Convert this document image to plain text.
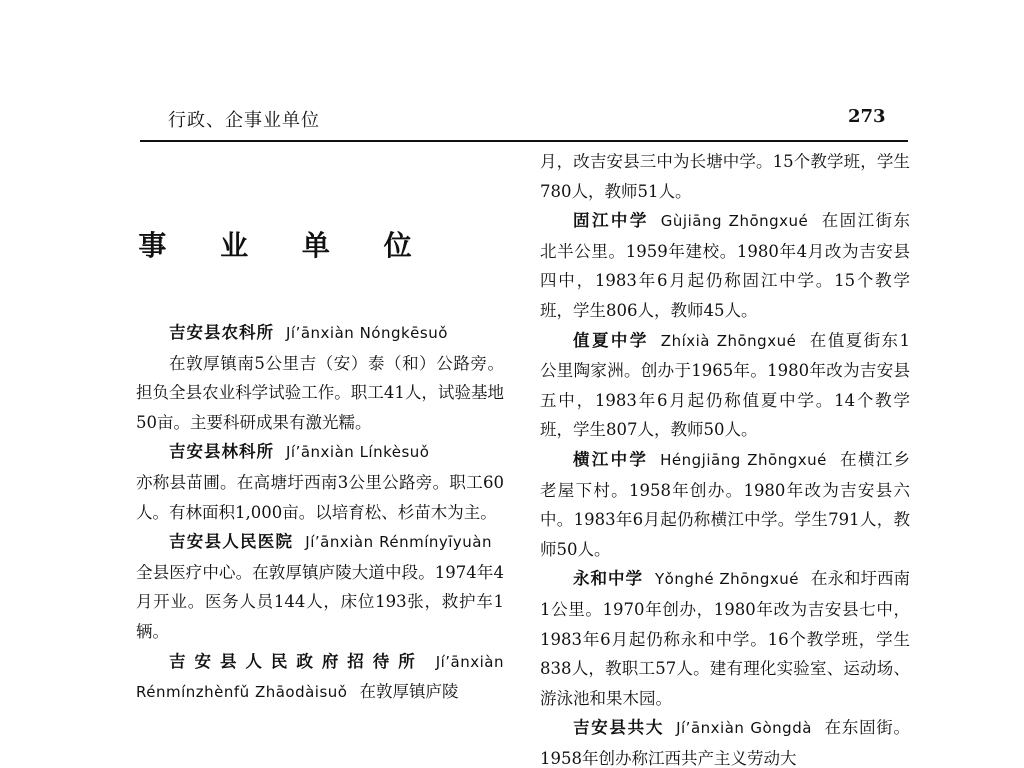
行政、企事业单位	273
事 业 单 位

吉安县农科所 Jí’ānxiàn Nóngkēsuǒ

在敦厚镇南5公里吉（安）泰（和）公路旁。担负全县农业科学试验工作。职工41人，试验基地50亩。主要科研成果有激光糯。

吉安县林科所 Jí’ānxiàn Línkèsuǒ

亦称县苗圃。在高塘圩西南3公里公路旁。职工60人。有林面积1,000亩。以培育松、杉苗木为主。

吉安县人民医院 Jí’ānxiàn Rénmínyīyuàn全县医疗中心。在敦厚镇庐陵大道中段。1974年4月开业。医务人员144人，床位193张，救护车1辆。

吉安县人民政府招待所 Jí’ānxiàn Rénmínzhènfǔ Zhāodàisuǒ 在敦厚镇庐陵

月，改吉安县三中为长塘中学。15个教学班，学生780人，教师51人。

固江中学 Gùjiāng Zhōngxué 在固江街东北半公里。1959年建校。1980年4月改为吉安县四中，1983年6月起仍称固江中学。15个教学班，学生806人，教师45人。

值夏中学 Zhíxià Zhōngxué 在值夏街东1公里陶家洲。创办于1965年。1980年改为吉安县五中，1983年6月起仍称值夏中学。14个教学班，学生807人，教师50人。

横江中学 Héngjiāng Zhōngxué 在横江乡老屋下村。1958年创办。1980年改为吉安县六中。1983年6月起仍称横江中学。学生791人，教师50人。

永和中学 Yǒnghé Zhōngxué 在永和圩西南1公里。1970年创办，1980年改为吉安县七中，1983年6月起仍称永和中学。16个教学班，学生838人，教职工57人。建有理化实验室、运动场、游泳池和果木园。

吉安县共大 Jí’ānxiàn Gòngdà 在东固街。1958年创办称江西共产主义劳动大
